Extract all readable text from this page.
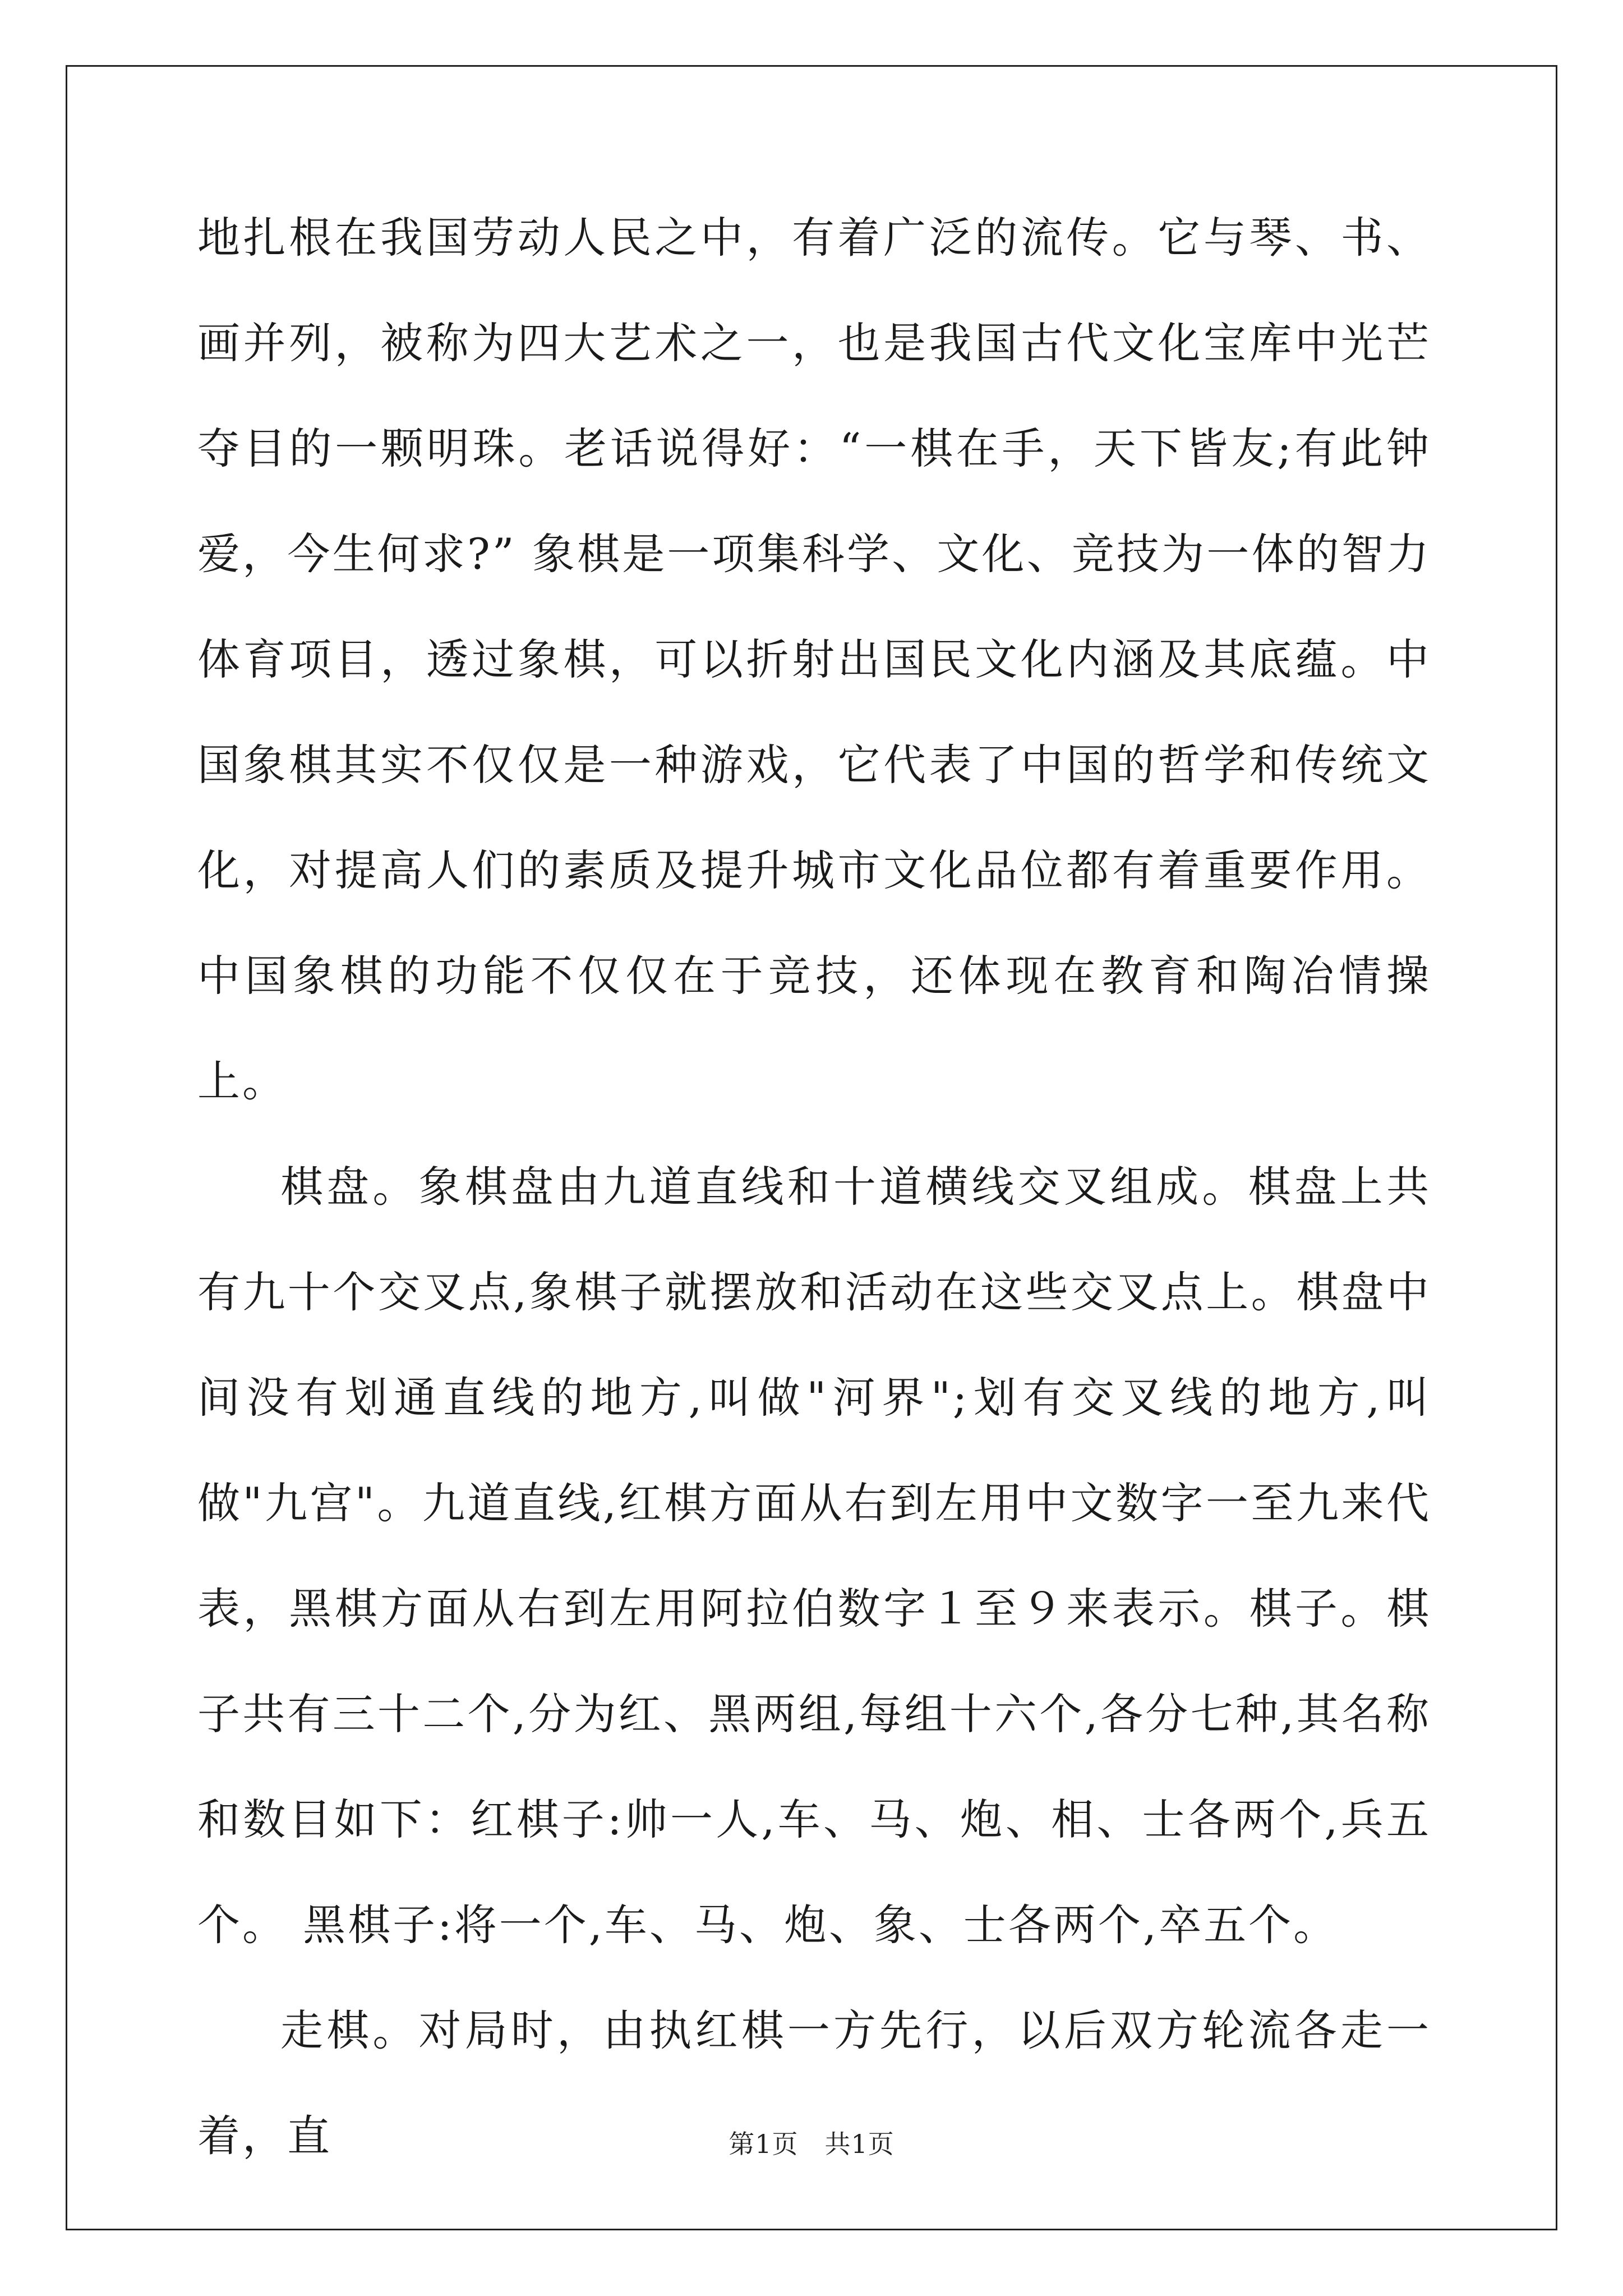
地扎根在我国劳动人民之中，有着广泛的流传。它与琴、书、画并列，被称为四大艺术之一，也是我国古代文化宝库中光芒夺目的一颗明珠。老话说得好：“一棋在手，天下皆友;有此钟爱，今生何求?” 象棋是一项集科学、文化、竞技为一体的智力体育项目，透过象棋，可以折射出国民文化内涵及其底蕴。中国象棋其实不仅仅是一种游戏，它代表了中国的哲学和传统文化，对提高人们的素质及提升城市文化品位都有着重要作用。中国象棋的功能不仅仅在于竞技，还体现在教育和陶冶情操上。

棋盘。象棋盘由九道直线和十道横线交叉组成。棋盘上共有九十个交叉点,象棋子就摆放和活动在这些交叉点上。棋盘中间没有划通直线的地方,叫做"河界";划有交叉线的地方,叫做"九宫"。九道直线,红棋方面从右到左用中文数字一至九来代表，黑棋方面从右到左用阿拉伯数字１至９来表示。棋子。棋子共有三十二个,分为红、黑两组,每组十六个,各分七种,其名称和数目如下：红棋子:帅一人,车、马、炮、相、士各两个,兵五个。 黑棋子:将一个,车、马、炮、象、士各两个,卒五个。

走棋。对局时，由执红棋一方先行，以后双方轮流各走一着，直	第1页　共1页
